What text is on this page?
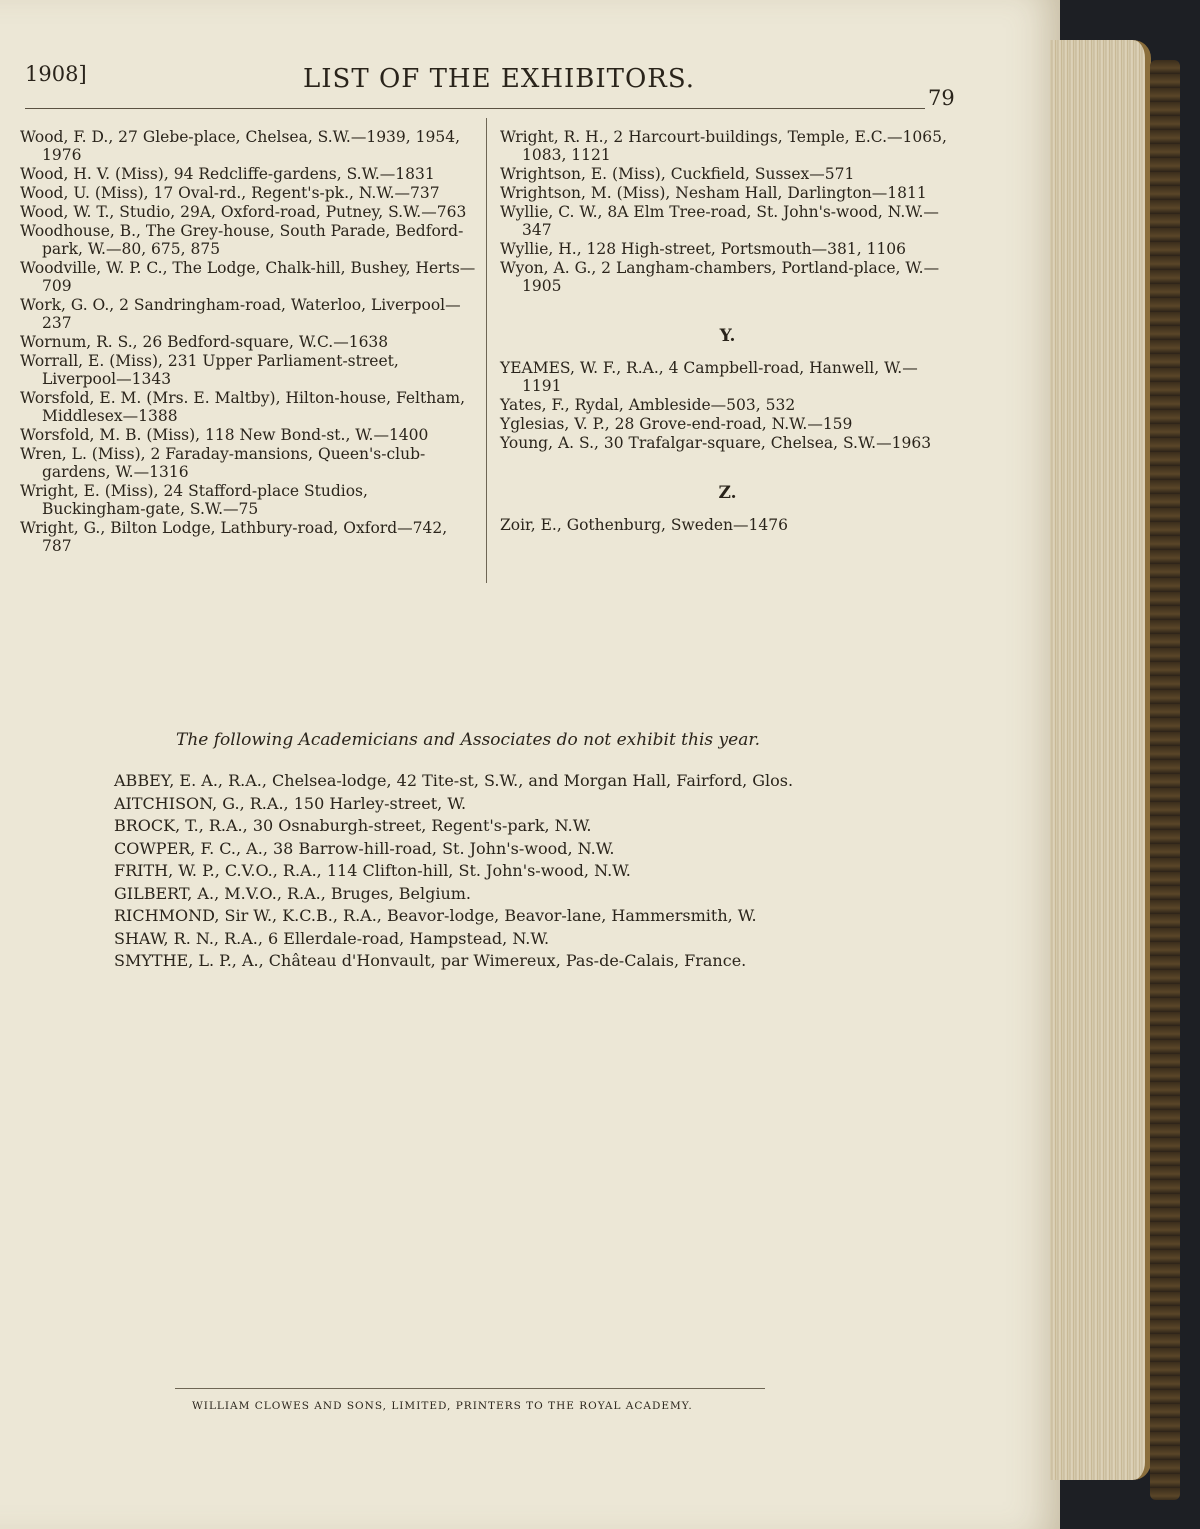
1908]	LIST OF THE EXHIBITORS.
79
Wood, F. D., 27 Glebe-place, Chelsea, S.W.—1939, 1954, 1976
Wood, H. V. (Miss), 94 Redcliffe-gardens, S.W.—1831
Wood, U. (Miss), 17 Oval-rd., Regent's-pk., N.W.—737
Wood, W. T., Studio, 29A, Oxford-road, Putney, S.W.—763
Woodhouse, B., The Grey-house, South Parade, Bedford-park, W.—80, 675, 875
Woodville, W. P. C., The Lodge, Chalk-hill, Bushey, Herts—709
Work, G. O., 2 Sandringham-road, Waterloo, Liverpool—237
Wornum, R. S., 26 Bedford-square, W.C.—1638
Worrall, E. (Miss), 231 Upper Parliament-street, Liverpool—1343
Worsfold, E. M. (Mrs. E. Maltby), Hilton-house, Feltham, Middlesex—1388
Worsfold, M. B. (Miss), 118 New Bond-st., W.—1400
Wren, L. (Miss), 2 Faraday-mansions, Queen's-club-gardens, W.—1316
Wright, E. (Miss), 24 Stafford-place Studios, Buckingham-gate, S.W.—75
Wright, G., Bilton Lodge, Lathbury-road, Oxford—742, 787
Wright, R. H., 2 Harcourt-buildings, Temple, E.C.—1065, 1083, 1121
Wrightson, E. (Miss), Cuckfield, Sussex—571
Wrightson, M. (Miss), Nesham Hall, Darlington—1811
Wyllie, C. W., 8A Elm Tree-road, St. John's-wood, N.W.—347
Wyllie, H., 128 High-street, Portsmouth—381, 1106
Wyon, A. G., 2 Langham-chambers, Portland-place, W.—1905
Y.
YEAMES, W. F., R.A., 4 Campbell-road, Hanwell, W.—1191
Yates, F., Rydal, Ambleside—503, 532
Yglesias, V. P., 28 Grove-end-road, N.W.—159
Young, A. S., 30 Trafalgar-square, Chelsea, S.W.—1963
Z.
Zoir, E., Gothenburg, Sweden—1476
The following Academicians and Associates do not exhibit this year.
ABBEY, E. A., R.A., Chelsea-lodge, 42 Tite-st, S.W., and Morgan Hall, Fairford, Glos.
AITCHISON, G., R.A., 150 Harley-street, W.
BROCK, T., R.A., 30 Osnaburgh-street, Regent's-park, N.W.
COWPER, F. C., A., 38 Barrow-hill-road, St. John's-wood, N.W.
FRITH, W. P., C.V.O., R.A., 114 Clifton-hill, St. John's-wood, N.W.
GILBERT, A., M.V.O., R.A., Bruges, Belgium.
RICHMOND, Sir W., K.C.B., R.A., Beavor-lodge, Beavor-lane, Hammersmith, W.
SHAW, R. N., R.A., 6 Ellerdale-road, Hampstead, N.W.
SMYTHE, L. P., A., Château d'Honvault, par Wimereux, Pas-de-Calais, France.
WILLIAM CLOWES AND SONS, LIMITED, PRINTERS TO THE ROYAL ACADEMY.
